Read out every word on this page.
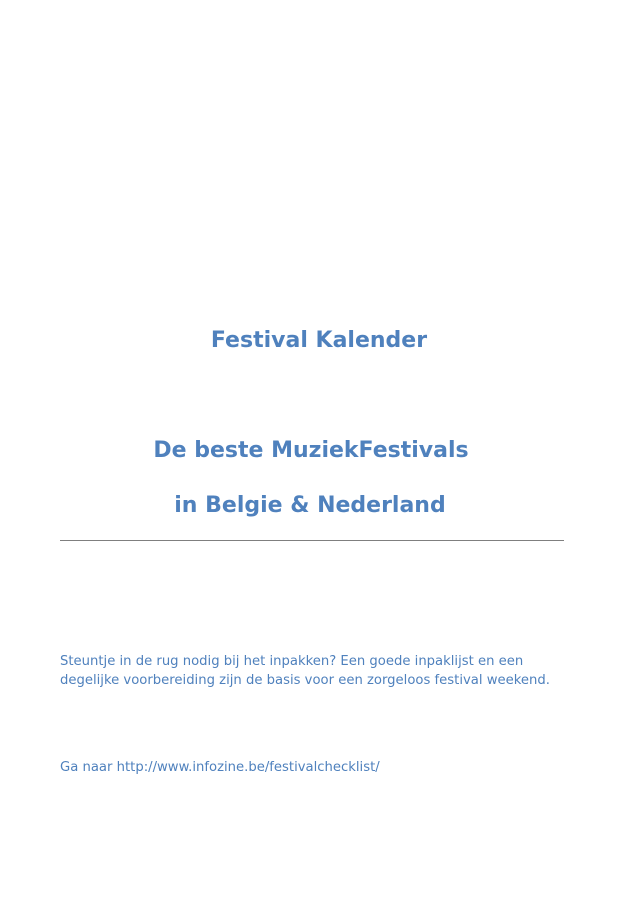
Festival Kalender
De beste MuziekFestivals
in Belgie & Nederland

Steuntje in de rug nodig bij het inpakken? Een goede inpaklijst en een degelijke voorbereiding zijn de basis voor een zorgeloos festival weekend.

Ga naar http://www.infozine.be/festivalchecklist/
